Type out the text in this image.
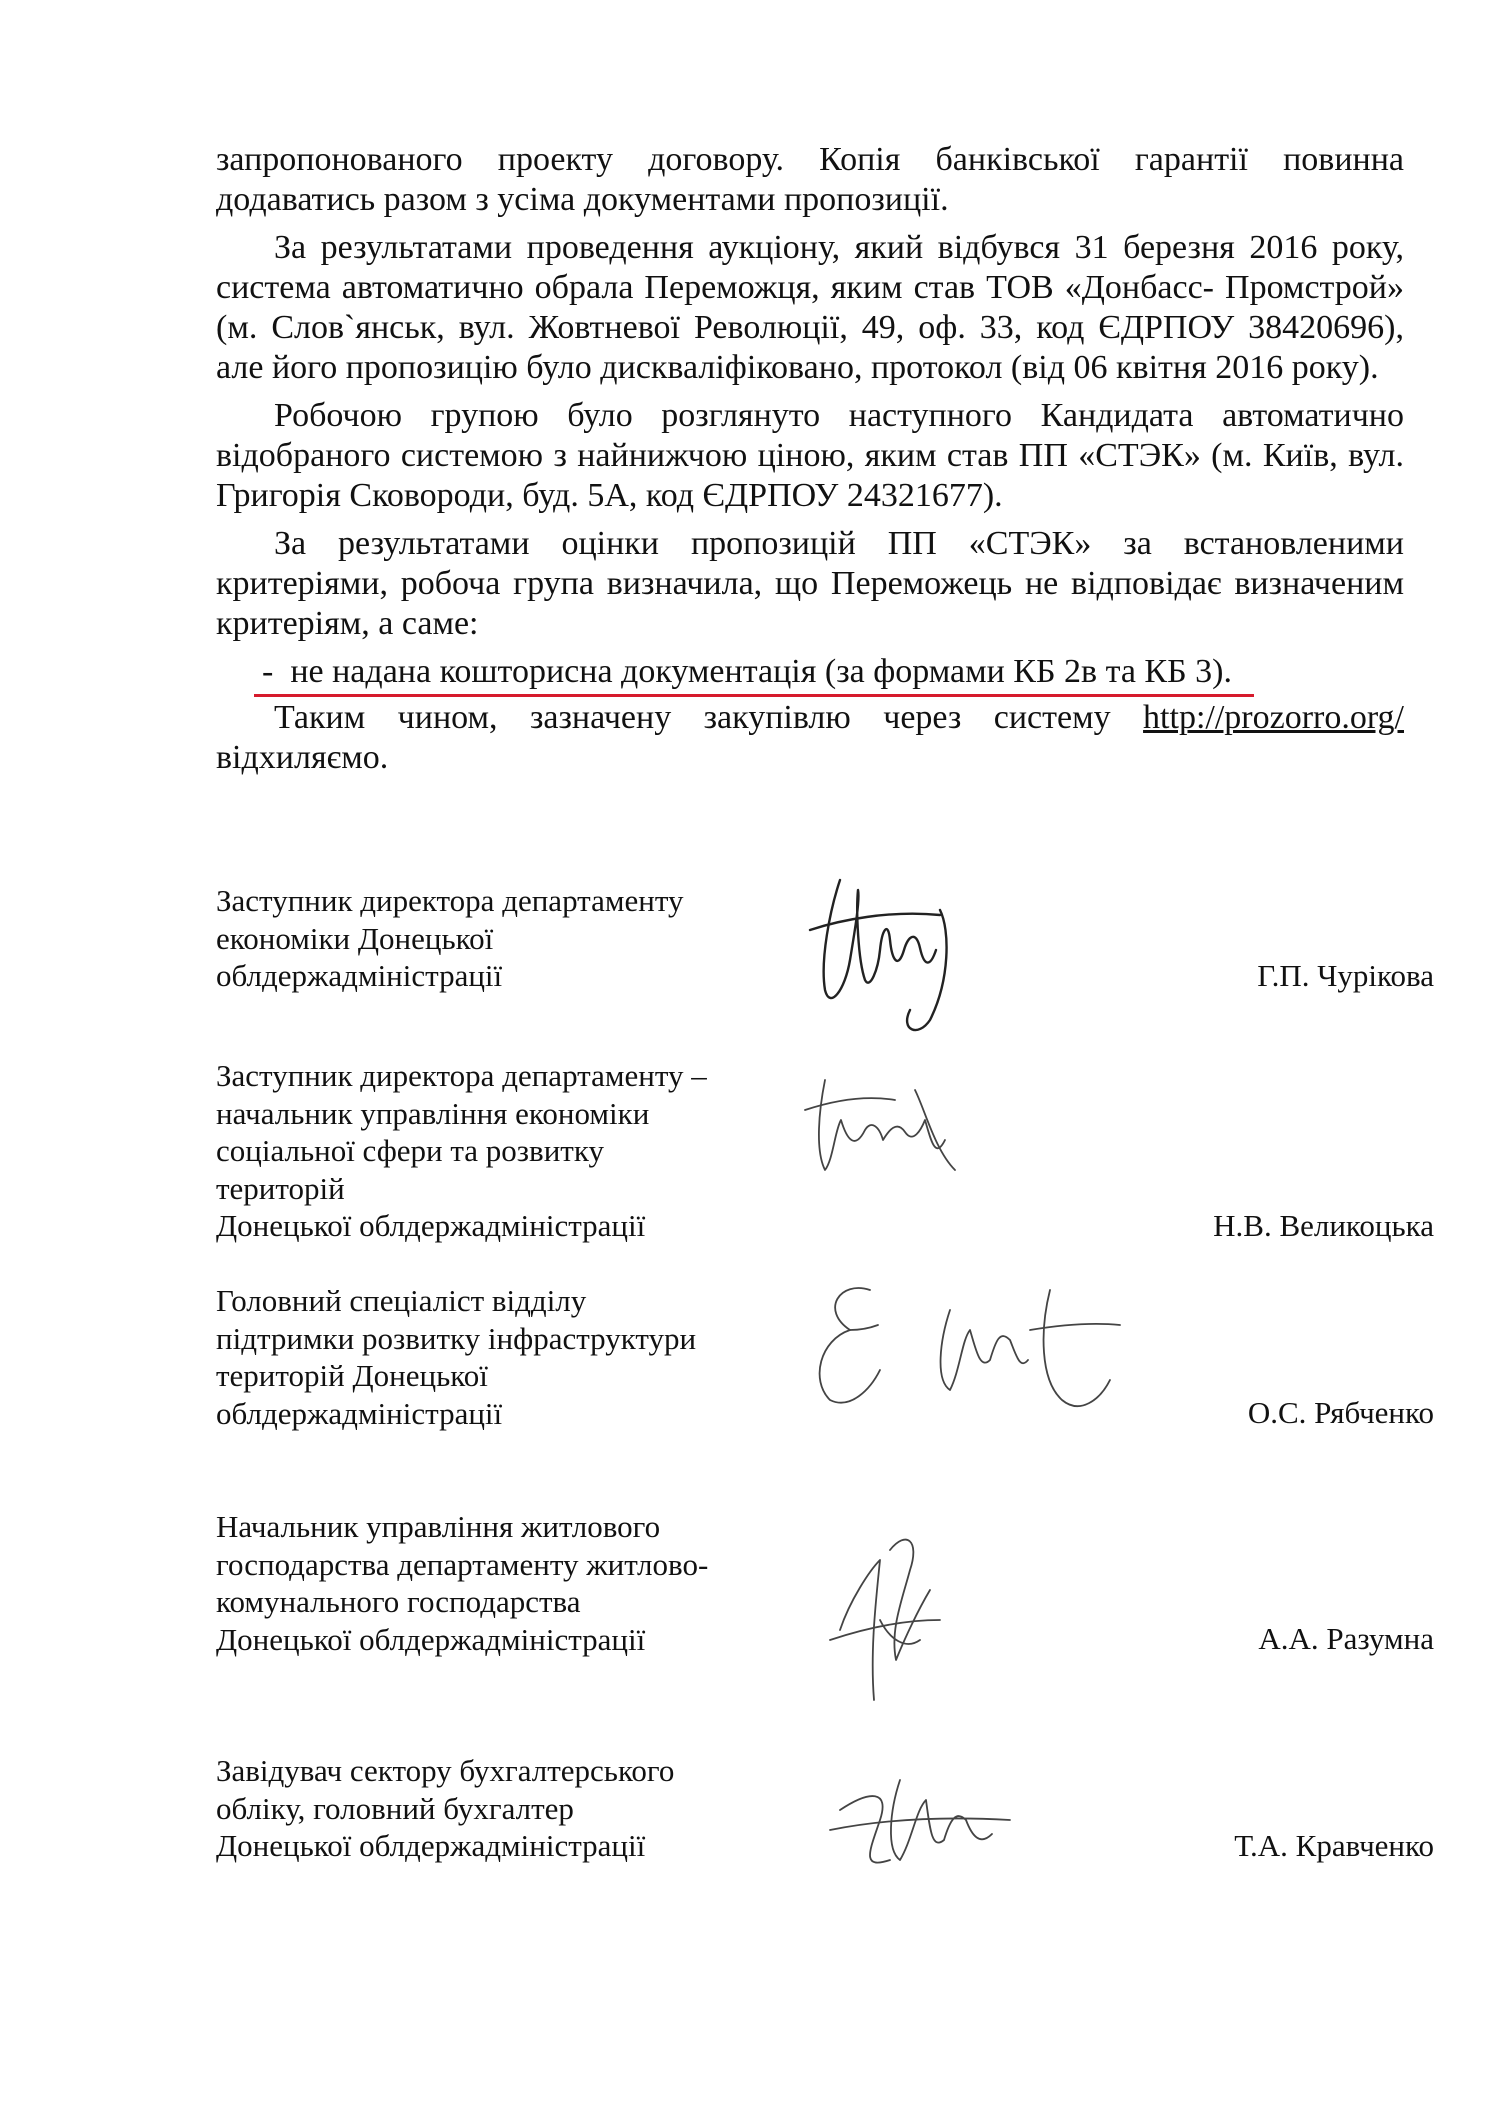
запропонованого проекту договору. Копія банківської гарантії повинна додаватись разом з усіма документами пропозиції.

За результатами проведення аукціону, який відбувся 31 березня 2016 року, система автоматично обрала Переможця, яким став ТОВ «Донбасс- Промстрой» (м. Слов`янськ, вул. Жовтневої Революції, 49, оф. 33, код ЄДРПОУ 38420696), але його пропозицію було дискваліфіковано, протокол (від 06 квітня 2016 року).

Робочою групою було розглянуто наступного Кандидата автоматично відобраного системою з найнижчою ціною, яким став ПП «СТЭК» (м. Київ, вул. Григорія Сковороди, буд. 5А, код ЄДРПОУ 24321677).

За результатами оцінки пропозицій ПП «СТЭК» за встановленими критеріями, робоча група визначила, що Переможець не відповідає визначеним критеріям, а саме:

- не надана кошторисна документація (за формами КБ 2в та КБ 3).

Таким чином, зазначену закупівлю через систему http://prozorro.org/ відхиляємо.

Заступник директора департаменту
економіки Донецької
облдержадміністрації	Г.П. Чурікова
Заступник директора департаменту –
начальник управління економіки
соціальної сфери та розвитку
територій
Донецької облдержадміністрації	Н.В. Великоцька
Головний спеціаліст відділу
підтримки розвитку інфраструктури
територій Донецької
облдержадміністрації	О.С. Рябченко
Начальник управління житлового
господарства департаменту житлово-
комунального господарства
Донецької облдержадміністрації	А.А. Разумна
Завідувач сектору бухгалтерського
обліку, головний бухгалтер
Донецької облдержадміністрації	Т.А. Кравченко
